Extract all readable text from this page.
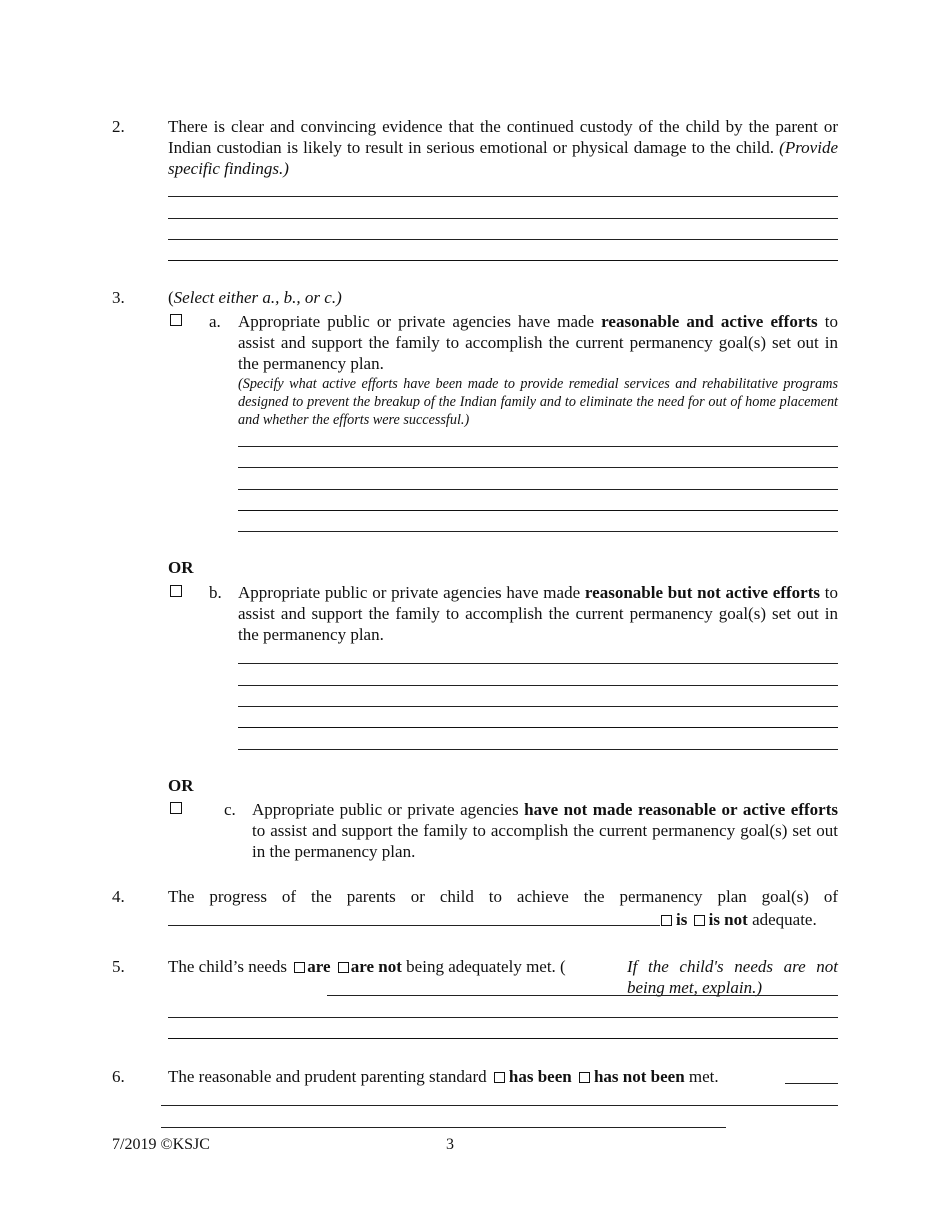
2.	There is clear and convincing evidence that the continued custody of the child by the parent or Indian custodian is likely to result in serious emotional or physical damage to the child. (Provide specific findings.)
3.	(Select either a., b., or c.)
a. Appropriate public or private agencies have made reasonable and active efforts to assist and support the family to accomplish the current permanency goal(s) set out in the permanency plan.
(Specify what active efforts have been made to provide remedial services and rehabilitative programs designed to prevent the breakup of the Indian family and to eliminate the need for out of home placement and whether the efforts were successful.)
OR
b. Appropriate public or private agencies have made reasonable but not active efforts to assist and support the family to accomplish the current permanency goal(s) set out in the permanency plan.
OR
c. Appropriate public or private agencies have not made reasonable or active efforts to assist and support the family to accomplish the current permanency goal(s) set out in the permanency plan.
4.	The progress of the parents or child to achieve the permanency plan goal(s) of
is is not adequate.
5.	The child’s needs are are not being adequately met. (	If the child's needs are not being met, explain.)
6.	The reasonable and prudent parenting standard has been has not been met.
7/2019 ©KSJC	3
